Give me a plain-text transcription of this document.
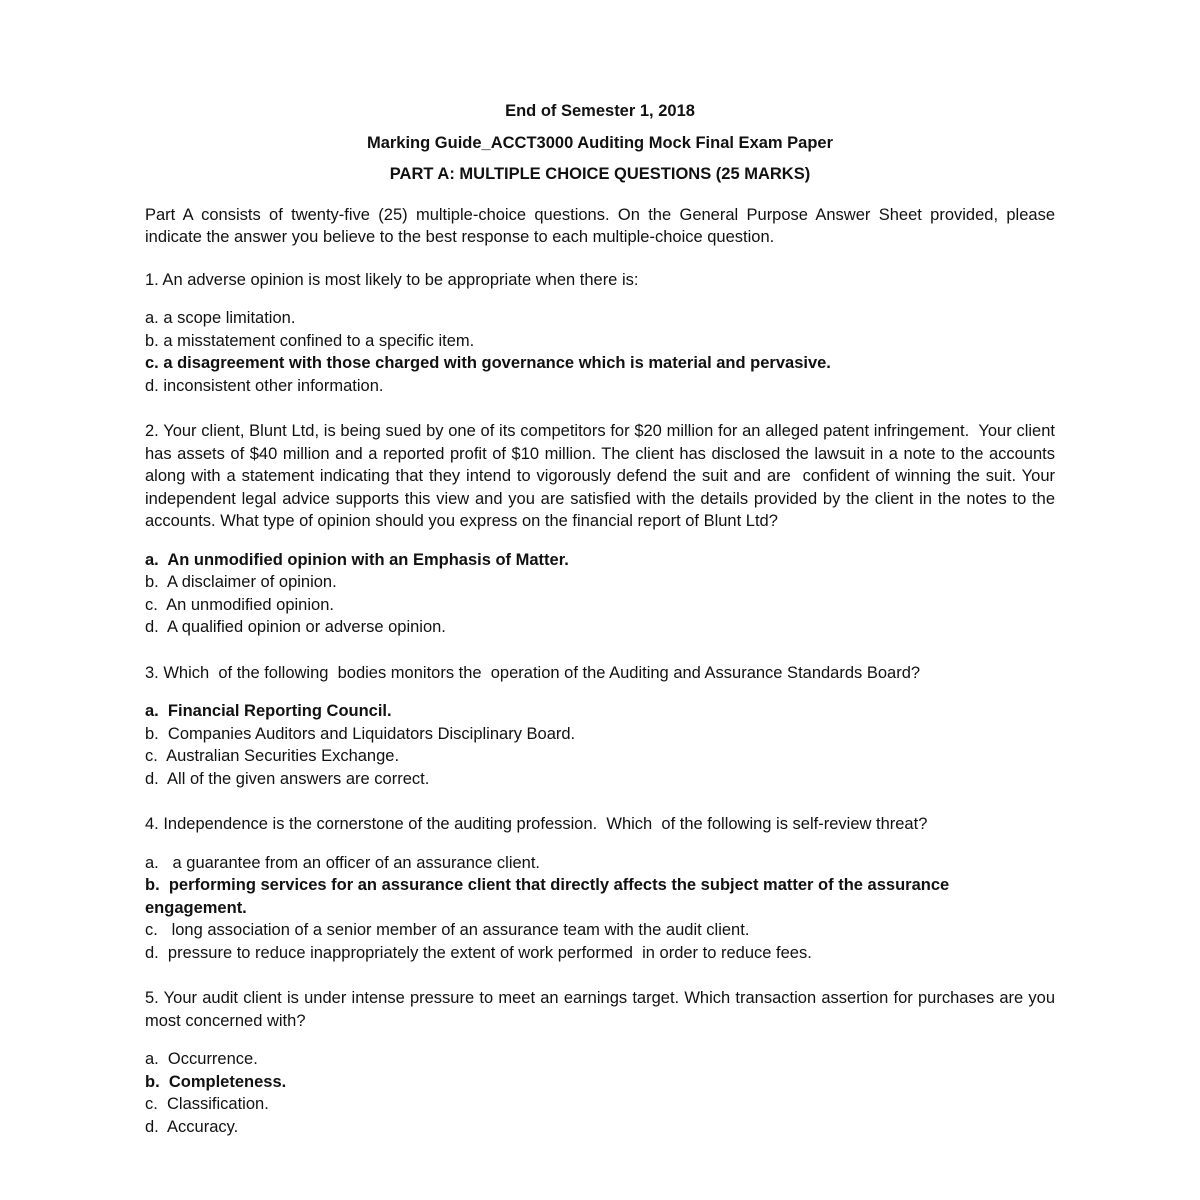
End of Semester 1, 2018

Marking Guide_ACCT3000 Auditing Mock Final Exam Paper

PART A: MULTIPLE CHOICE QUESTIONS (25 MARKS)

Part A consists of twenty-five (25) multiple-choice questions. On the General Purpose Answer Sheet provided, please indicate the answer you believe to the best response to each multiple-choice question.

1. An adverse opinion is most likely to be appropriate when there is:

a. a scope limitation.

b. a misstatement confined to a specific item.

c. a disagreement with those charged with governance which is material and pervasive.

d. inconsistent other information.

2. Your client, Blunt Ltd, is being sued by one of its competitors for $20 million for an alleged patent infringement.  Your client has assets of $40 million and a reported profit of $10 million. The client has disclosed the lawsuit in a note to the accounts along with a statement indicating that they intend to vigorously defend the suit and are  confident of winning the suit. Your independent legal advice supports this view and you are satisfied with the details provided by the client in the notes to the accounts. What type of opinion should you express on the financial report of Blunt Ltd?

a.  An unmodified opinion with an Emphasis of Matter.

b.  A disclaimer of opinion.

c.  An unmodified opinion.

d.  A qualified opinion or adverse opinion.

3. Which  of the following  bodies monitors the  operation of the Auditing and Assurance Standards Board?

a.  Financial Reporting Council.

b.  Companies Auditors and Liquidators Disciplinary Board.

c.  Australian Securities Exchange.

d.  All of the given answers are correct.

4. Independence is the cornerstone of the auditing profession.  Which  of the following is self-review threat?

a.   a guarantee from an officer of an assurance client.

b.  performing services for an assurance client that directly affects the subject matter of the assurance engagement.

c.   long association of a senior member of an assurance team with the audit client.

d.  pressure to reduce inappropriately the extent of work performed  in order to reduce fees.

5. Your audit client is under intense pressure to meet an earnings target. Which transaction assertion for purchases are you most concerned with?

a.  Occurrence.

b.  Completeness.

c.  Classification.

d.  Accuracy.
